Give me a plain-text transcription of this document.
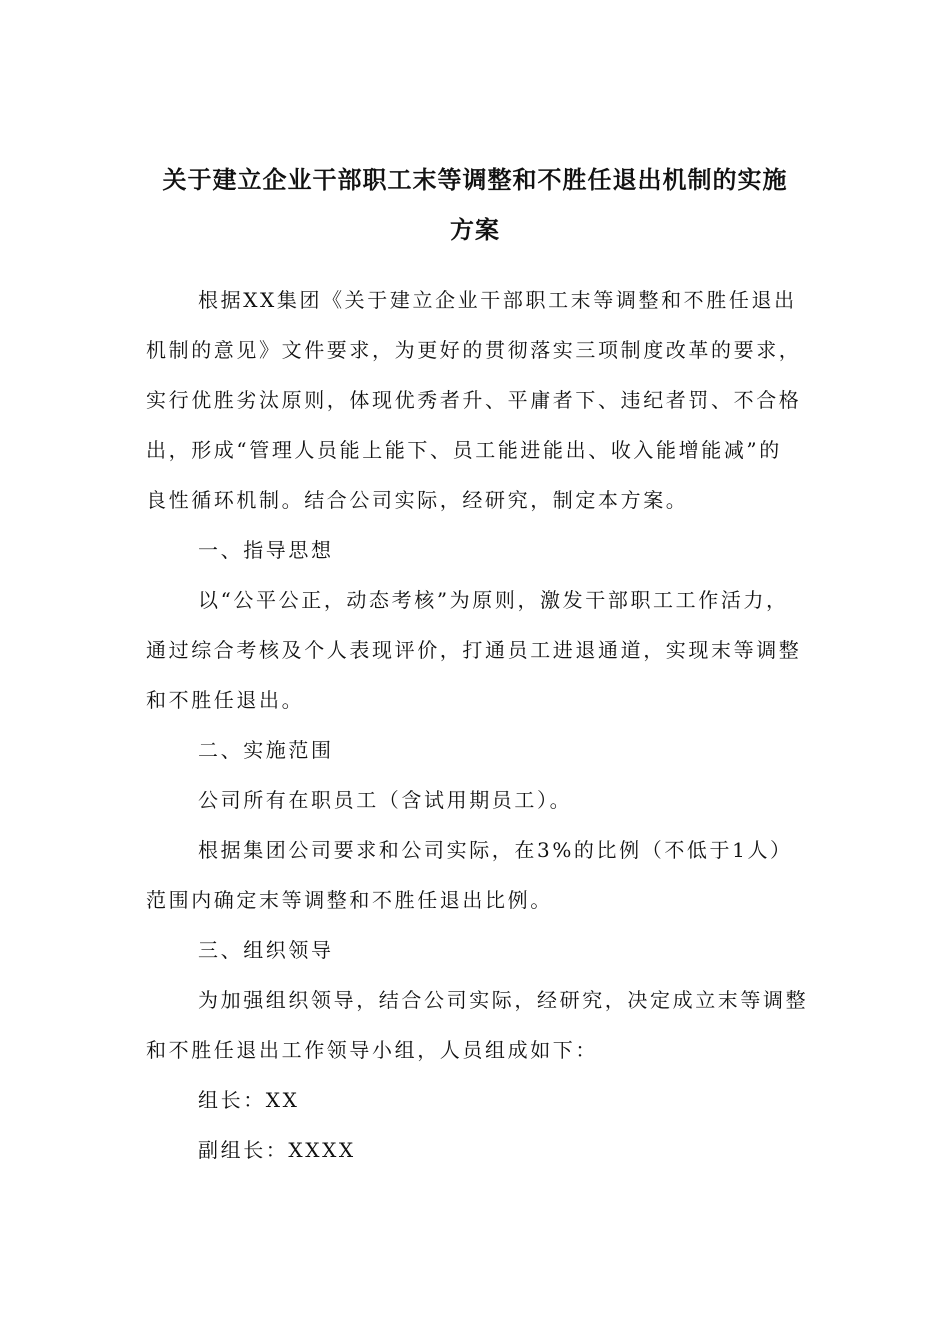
关于建立企业干部职工末等调整和不胜任退出机制的实施
方案
根据XX集团《关于建立企业干部职工末等调整和不胜任退出
机制的意见》文件要求，为更好的贯彻落实三项制度改革的要求，
实行优胜劣汰原则，体现优秀者升、平庸者下、违纪者罚、不合格
出，形成“管理人员能上能下、员工能进能出、收入能增能减”的
良性循环机制。结合公司实际，经研究，制定本方案。
一、指导思想
以“公平公正，动态考核”为原则，激发干部职工工作活力，
通过综合考核及个人表现评价，打通员工进退通道，实现末等调整
和不胜任退出。
二、实施范围
公司所有在职员工（含试用期员工）。
根据集团公司要求和公司实际，在3%的比例（不低于1人）
范围内确定末等调整和不胜任退出比例。
三、组织领导
为加强组织领导，结合公司实际，经研究，决定成立末等调整
和不胜任退出工作领导小组，人员组成如下：
组长：XX
副组长：XXXX
